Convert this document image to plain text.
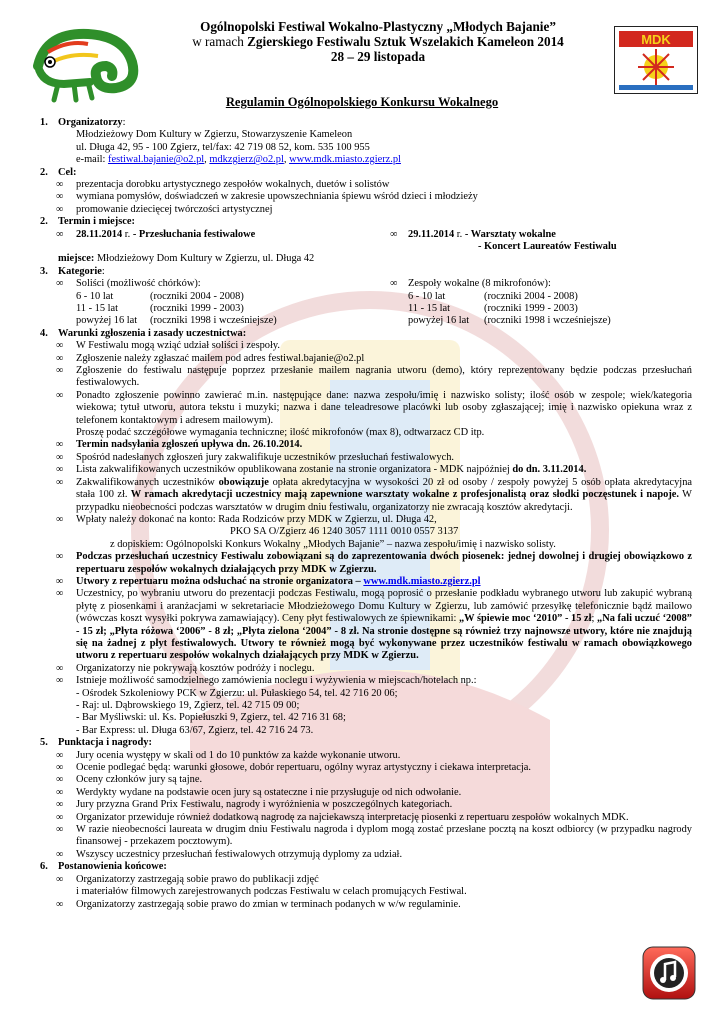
MDK
Ogólnopolski Festiwal Wokalno-Plastyczny „Młodych Bajanie”
w ramach Zgierskiego Festiwalu Sztuk Wszelakich Kameleon 2014
28 – 29 listopada
Regulamin Ogólnopolskiego Konkursu Wokalnego
1. Organizatorzy:
Młodzieżowy Dom Kultury w Zgierzu, Stowarzyszenie Kameleon
ul. Długa 42, 95 - 100 Zgierz, tel/fax: 42 719 08 52, kom. 535 100 955
e-mail: festiwal.bajanie@o2.pl, mdkzgierz@o2.pl, www.mdk.miasto.zgierz.pl
2. Cel:
∞ prezentacja dorobku artystycznego zespołów wokalnych, duetów i solistów
∞ wymiana pomysłów, doświadczeń w zakresie upowszechniania śpiewu wśród dzieci i młodzieży
∞ promowanie dziecięcej twórczości artystycznej
2. Termin i miejsce:
∞ 28.11.2014 r. - Przesłuchania festiwalowe	∞ 29.11.2014 r. - Warsztaty wokalne
- Koncert Laureatów Festiwalu
miejsce: Młodzieżowy Dom Kultury w Zgierzu, ul. Długa 42
3. Kategorie:
∞ Soliści (możliwość chórków):	∞ Zespoły wokalne (8 mikrofonów):
6 - 10 lat	(roczniki 2004 - 2008)	6 - 10 lat	(roczniki 2004 - 2008)
11 - 15 lat	(roczniki 1999 - 2003)	11 - 15 lat	(roczniki 1999 - 2003)
powyżej 16 lat (roczniki 1998 i wcześniejsze)	powyżej 16 lat (roczniki 1998 i wcześniejsze)
4. Warunki zgłoszenia i zasady uczestnictwa:
∞ W Festiwalu mogą wziąć udział soliści i zespoły.
∞ Zgłoszenie należy zgłaszać mailem pod adres festiwal.bajanie@o2.pl
∞ Zgłoszenie do festiwalu następuje poprzez przesłanie mailem nagrania utworu (demo), który reprezentowany będzie podczas przesłuchań festiwalowych.
∞ Ponadto zgłoszenie powinno zawierać m.in. następujące dane: nazwa zespołu/imię i nazwisko solisty; ilość osób w zespole; wiek/kategoria wiekowa; tytuł utworu, autora tekstu i muzyki; nazwa i dane teleadresowe placówki lub osoby zgłaszającej; imię i nazwisko opiekuna wraz z telefonem kontaktowym i adresem mailowym).
Proszę podać szczegółowe wymagania techniczne; ilość mikrofonów (max 8), odtwarzacz CD itp.
∞ Termin nadsyłania zgłoszeń upływa dn. 26.10.2014.
∞ Spośród nadesłanych zgłoszeń jury zakwalifikuje uczestników przesłuchań festiwalowych.
∞ Lista zakwalifikowanych uczestników opublikowana zostanie na stronie organizatora - MDK najpóźniej do dn. 3.11.2014.
∞ Zakwalifikowanych uczestników obowiązuje opłata akredytacyjna w wysokości 20 zł od osoby / zespoły powyżej 5 osób opłata akredytacyjna stała 100 zł. W ramach akredytacji uczestnicy mają zapewnione warsztaty wokalne z profesjonalistą oraz słodki poczęstunek i napoje. W przypadku nieobecności podczas warsztatów w drugim dniu festiwalu, organizatorzy nie zwracają kosztów akredytacji.
∞ Wpłaty należy dokonać na konto: Rada Rodziców przy MDK w Zgierzu, ul. Długa 42,
PKO SA O/Zgierz 46 1240 3057 1111 0010 0557 3137
z dopiskiem: Ogólnopolski Konkurs Wokalny „Młodych Bajanie” – nazwa zespołu/imię i nazwisko solisty.
∞ Podczas przesłuchań uczestnicy Festiwalu zobowiązani są do zaprezentowania dwóch piosenek: jednej dowolnej i drugiej obowiązkowo z repertuaru zespołów wokalnych działających przy MDK w Zgierzu.
∞ Utwory z repertuaru można odsłuchać na stronie organizatora – www.mdk.miasto.zgierz.pl
∞ Uczestnicy, po wybraniu utworu do prezentacji podczas Festiwalu, mogą poprosić o przesłanie podkładu wybranego utworu lub zakupić wybraną płytę z piosenkami i aranżacjami w sekretariacie Młodzieżowego Domu Kultury w Zgierzu, lub zamówić przesyłkę telefonicznie bądź mailowo (wówczas koszt wysyłki pokrywa zamawiający). Ceny płyt festiwalowych ze śpiewnikami: „W śpiewie moc ‘2010” - 15 zł; „Na fali uczuć ‘2008” - 15 zł; „Płyta różowa ‘2006” - 8 zł; „Płyta zielona ‘2004” - 8 zł. Na stronie dostępne są również trzy najnowsze utwory, które nie znajdują się na żadnej z płyt festiwalowych. Utwory te również mogą być wykonywane przez uczestników festiwalu w ramach obowiązkowego utworu z repertuaru zespołów wokalnych działających przy MDK w Zgierzu.
∞ Organizatorzy nie pokrywają kosztów podróży i noclegu.
∞ Istnieje możliwość samodzielnego zamówienia noclegu i wyżywienia w miejscach/hotelach np.:
- Ośrodek Szkoleniowy PCK w Zgierzu: ul. Pułaskiego 54, tel. 42 716 20 06;
- Raj: ul. Dąbrowskiego 19, Zgierz, tel. 42 715 09 00;
- Bar Myśliwski: ul. Ks. Popiełuszki 9, Zgierz, tel. 42 716 31 68;
- Bar Express: ul. Długa 63/67, Zgierz, tel. 42 716 24 73.
5. Punktacja i nagrody:
∞ Jury ocenia występy w skali od 1 do 10 punktów za każde wykonanie utworu.
∞ Ocenie podlegać będą: warunki głosowe, dobór repertuaru, ogólny wyraz artystyczny i ciekawa interpretacja.
∞ Oceny członków jury są tajne.
∞ Werdykty wydane na podstawie ocen jury są ostateczne i nie przysługuje od nich odwołanie.
∞ Jury przyzna Grand Prix Festiwalu, nagrody i wyróżnienia w poszczególnych kategoriach.
∞ Organizator przewiduje również dodatkową nagrodę za najciekawszą interpretację piosenki z repertuaru zespołów wokalnych MDK.
∞ W razie nieobecności laureata w drugim dniu Festiwalu nagroda i dyplom mogą zostać przesłane pocztą na koszt odbiorcy (w przypadku nagrody finansowej - przekazem pocztowym).
∞ Wszyscy uczestnicy przesłuchań festiwalowych otrzymują dyplomy za udział.
6. Postanowienia końcowe:
∞ Organizatorzy zastrzegają sobie prawo do publikacji zdjęć
i materiałów filmowych zarejestrowanych podczas Festiwalu w celach promujących Festiwal.
∞ Organizatorzy zastrzegają sobie prawo do zmian w terminach podanych w w/w regulaminie.
